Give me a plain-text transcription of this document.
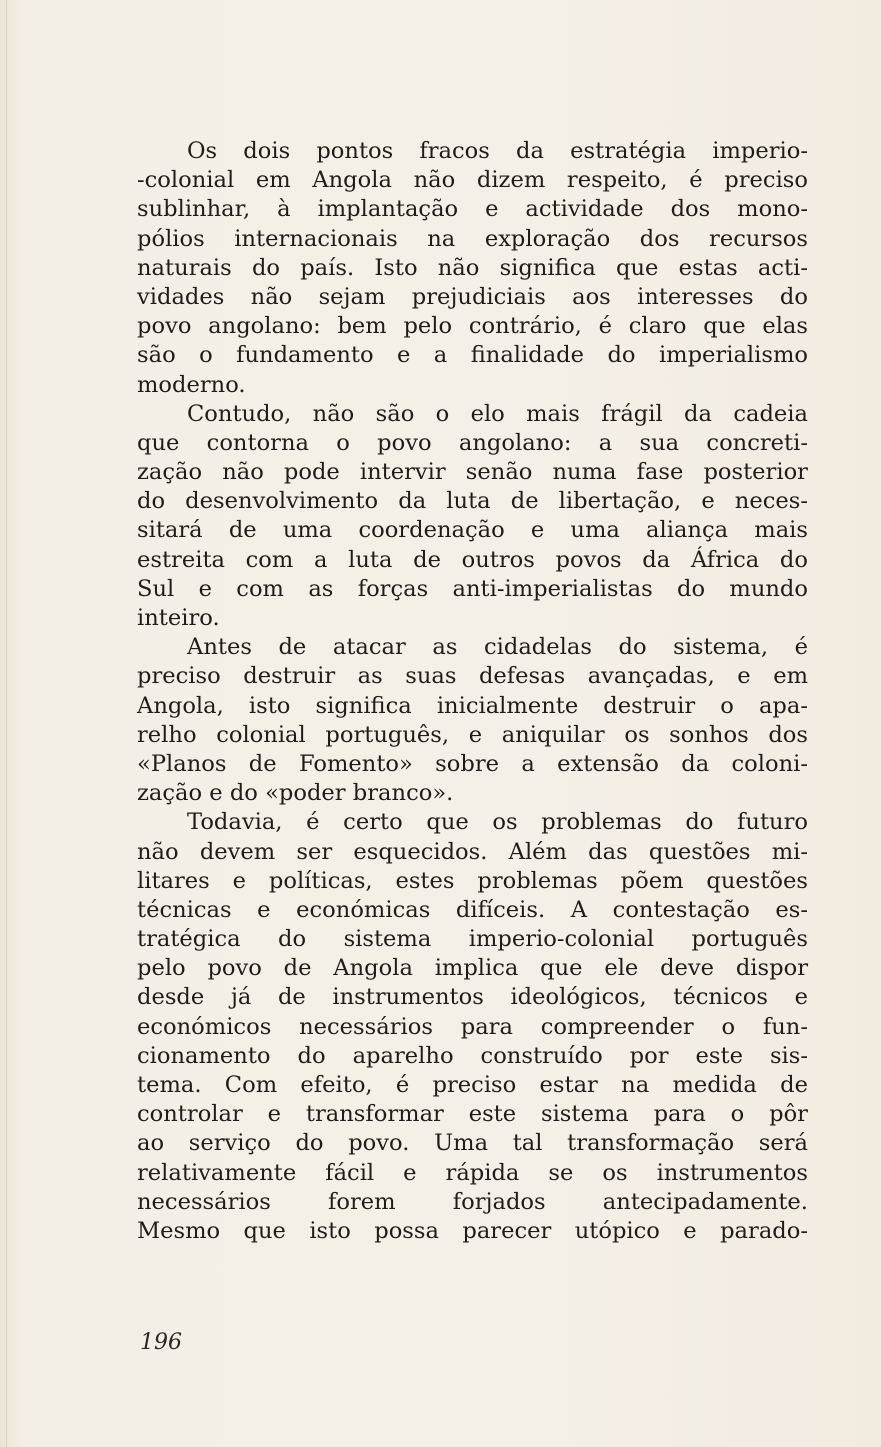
Os dois pontos fracos da estratégia imperio-
-colonial em Angola não dizem respeito, é preciso
sublinhar, à implantação e actividade dos mono-
pólios internacionais na exploração dos recursos
naturais do país. Isto não significa que estas acti-
vidades não sejam prejudiciais aos interesses do
povo angolano: bem pelo contrário, é claro que elas
são o fundamento e a finalidade do imperialismo
moderno.
Contudo, não são o elo mais frágil da cadeia
que contorna o povo angolano: a sua concreti-
zação não pode intervir senão numa fase posterior
do desenvolvimento da luta de libertação, e neces-
sitará de uma coordenação e uma aliança mais
estreita com a luta de outros povos da África do
Sul e com as forças anti-imperialistas do mundo
inteiro.
Antes de atacar as cidadelas do sistema, é
preciso destruir as suas defesas avançadas, e em
Angola, isto significa inicialmente destruir o apa-
relho colonial português, e aniquilar os sonhos dos
«Planos de Fomento» sobre a extensão da coloni-
zação e do «poder branco».
Todavia, é certo que os problemas do futuro
não devem ser esquecidos. Além das questões mi-
litares e políticas, estes problemas põem questões
técnicas e económicas difíceis. A contestação es-
tratégica do sistema imperio-colonial português
pelo povo de Angola implica que ele deve dispor
desde já de instrumentos ideológicos, técnicos e
económicos necessários para compreender o fun-
cionamento do aparelho construído por este sis-
tema. Com efeito, é preciso estar na medida de
controlar e transformar este sistema para o pôr
ao serviço do povo. Uma tal transformação será
relativamente fácil e rápida se os instrumentos
necessários forem forjados antecipadamente.
Mesmo que isto possa parecer utópico e parado-
196
